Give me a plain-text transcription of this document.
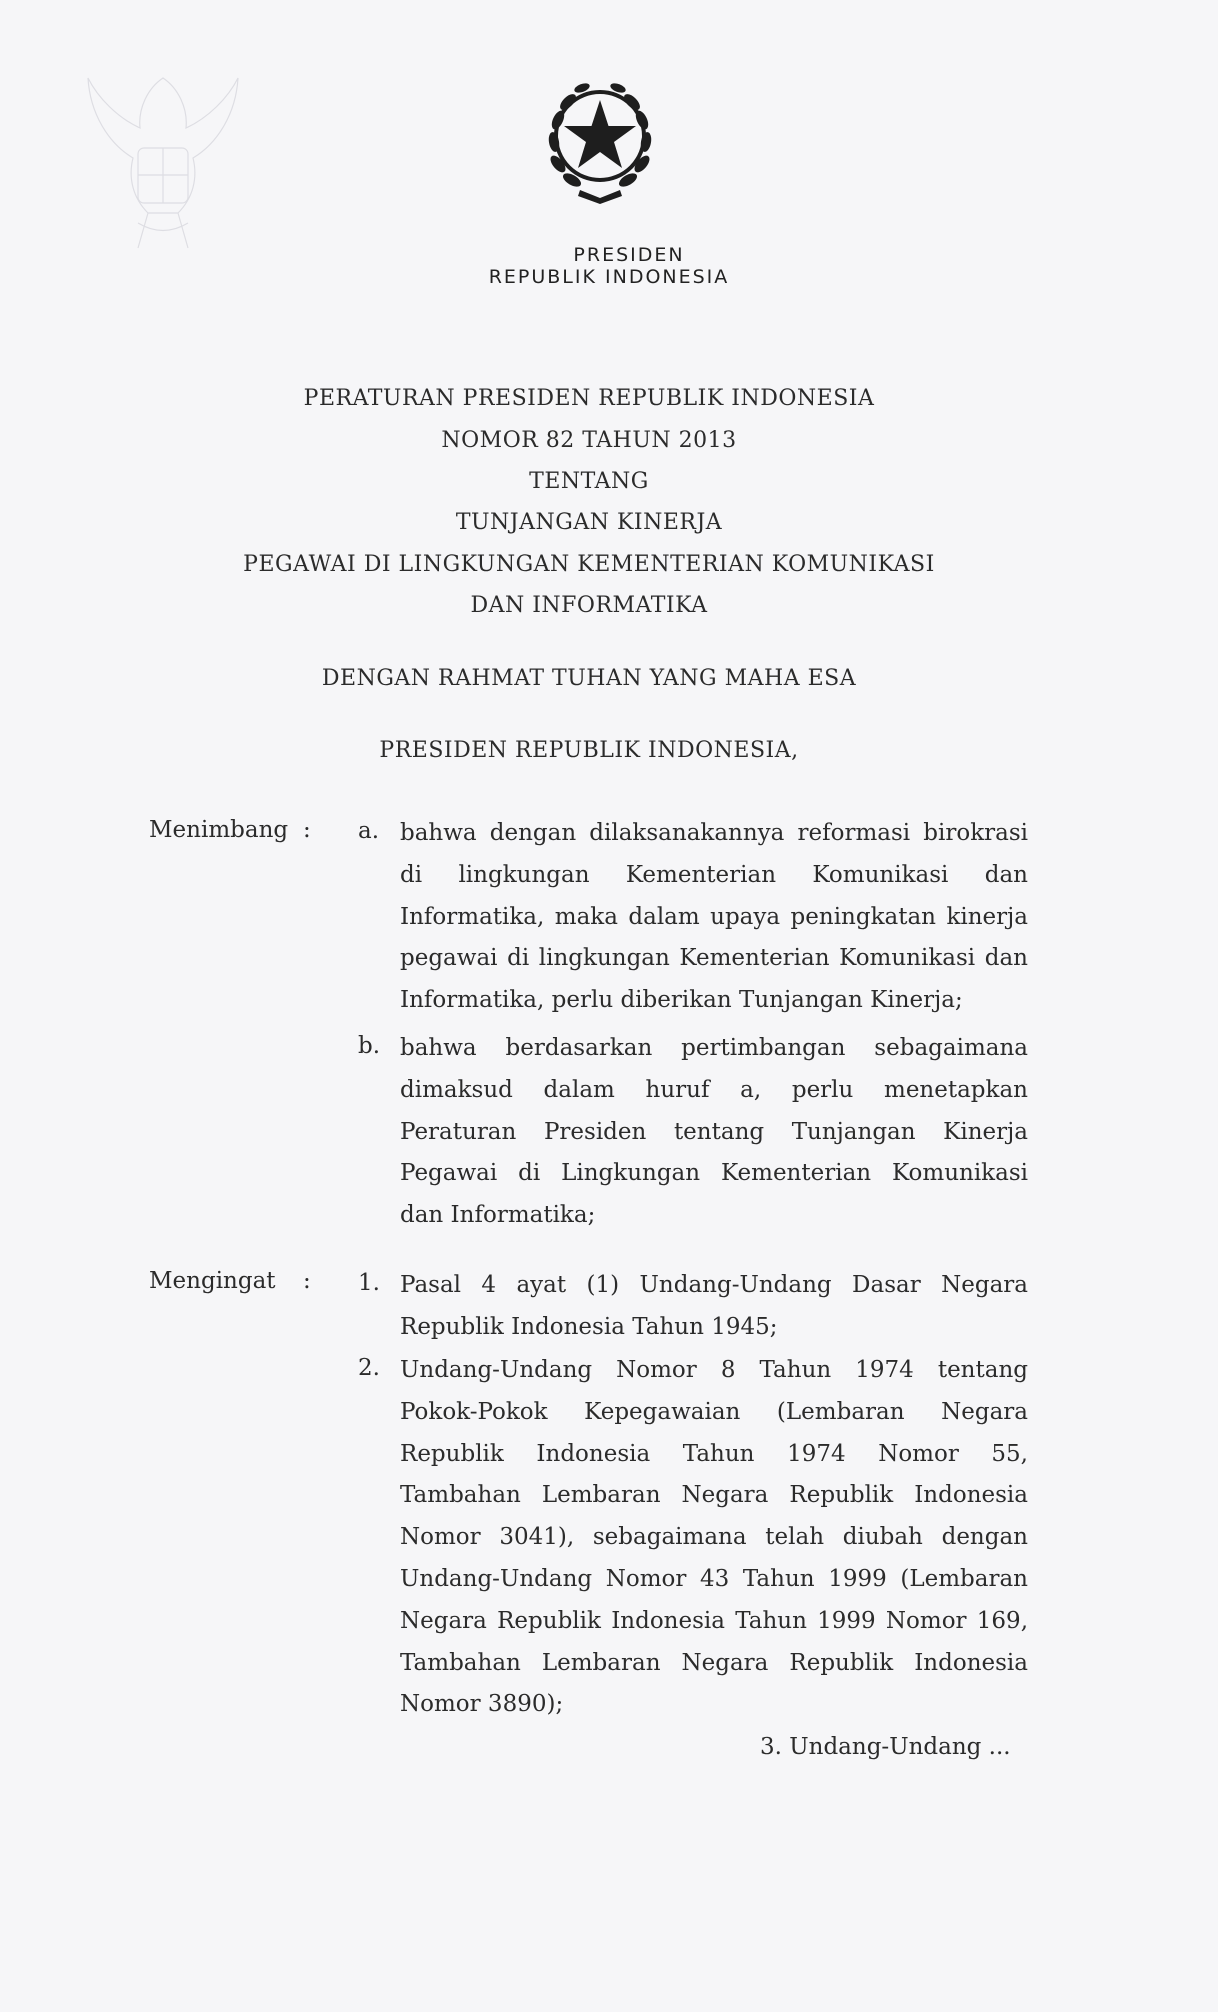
PRESIDEN
REPUBLIK INDONESIA
PERATURAN PRESIDEN REPUBLIK INDONESIA
NOMOR 82 TAHUN 2013
TENTANG
TUNJANGAN KINERJA
PEGAWAI DI LINGKUNGAN KEMENTERIAN KOMUNIKASI
DAN INFORMATIKA
DENGAN RAHMAT TUHAN YANG MAHA ESA
PRESIDEN REPUBLIK INDONESIA,
Menimbang : a. bahwa dengan dilaksanakannya reformasi birokrasi
di lingkungan Kementerian Komunikasi dan
Informatika, maka dalam upaya peningkatan kinerja
pegawai di lingkungan Kementerian Komunikasi dan
Informatika, perlu diberikan Tunjangan Kinerja;
b. bahwa berdasarkan pertimbangan sebagaimana
dimaksud dalam huruf a, perlu menetapkan
Peraturan Presiden tentang Tunjangan Kinerja
Pegawai di Lingkungan Kementerian Komunikasi
dan Informatika;
Mengingat : 1. Pasal 4 ayat (1) Undang-Undang Dasar Negara
Republik Indonesia Tahun 1945;
2. Undang-Undang Nomor 8 Tahun 1974 tentang
Pokok-Pokok Kepegawaian (Lembaran Negara
Republik Indonesia Tahun 1974 Nomor 55,
Tambahan Lembaran Negara Republik Indonesia
Nomor 3041), sebagaimana telah diubah dengan
Undang-Undang Nomor 43 Tahun 1999 (Lembaran
Negara Republik Indonesia Tahun 1999 Nomor 169,
Tambahan Lembaran Negara Republik Indonesia
Nomor 3890);
3. Undang-Undang ...
